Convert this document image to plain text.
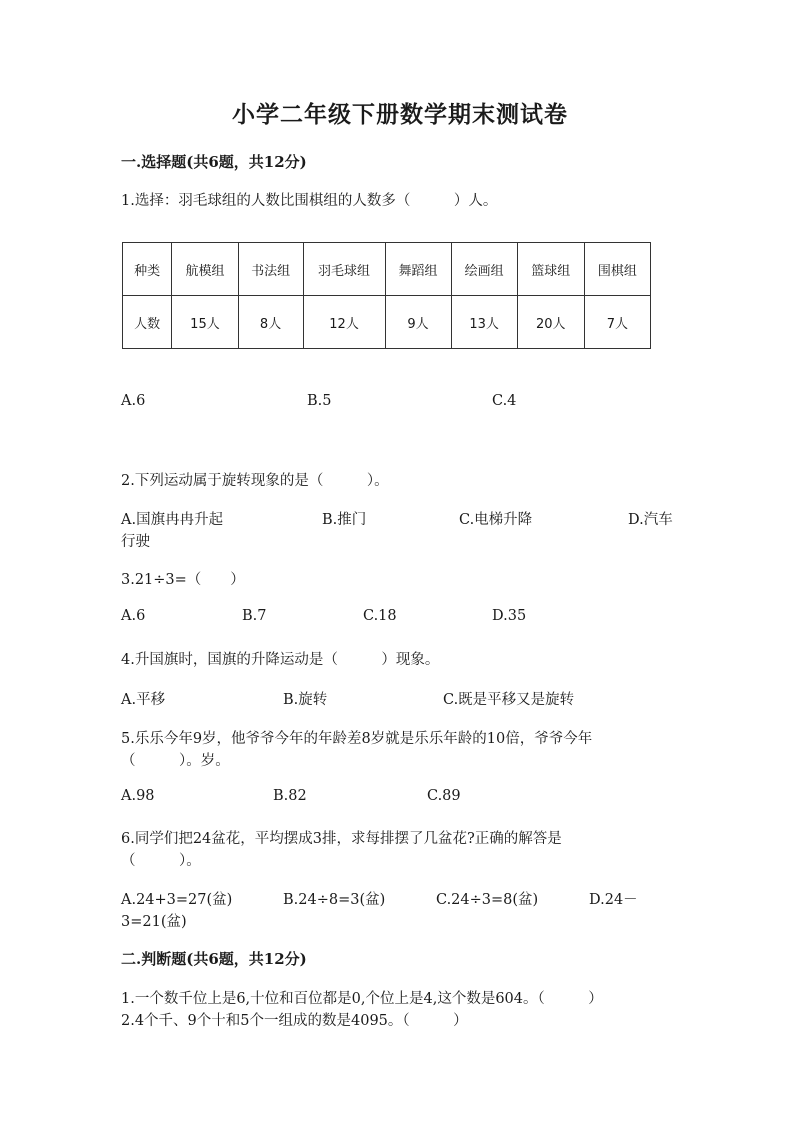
小学二年级下册数学期末测试卷
一.选择题(共6题，共12分)
1.选择：羽毛球组的人数比围棋组的人数多（　　　）人。
种类	航模组	书法组	羽毛球组	舞蹈组	绘画组	篮球组	围棋组
人数	15人	8人	12人	9人	13人	20人	7人
A.6	B.5	C.4
2.下列运动属于旋转现象的是（　　　）。
A.国旗冉冉升起	B.推门	C.电梯升降	D.汽车
行驶
3.21÷3=（　　）
A.6	B.7	C.18	D.35
4.升国旗时，国旗的升降运动是（　　　）现象。
A.平移	B.旋转	C.既是平移又是旋转
5.乐乐今年9岁，他爷爷今年的年龄差8岁就是乐乐年龄的10倍，爷爷今年
（　　　）。岁。
A.98	B.82	C.89
6.同学们把24盆花，平均摆成3排，求每排摆了几盆花?正确的解答是
（　　　）。
A.24+3=27(盆)	B.24÷8=3(盆)	C.24÷3=8(盆)	D.24－
3=21(盆)
二.判断题(共6题，共12分)
1.一个数千位上是6,十位和百位都是0,个位上是4,这个数是604。（　　　）
2.4个千、9个十和5个一组成的数是4095。（　　　）
